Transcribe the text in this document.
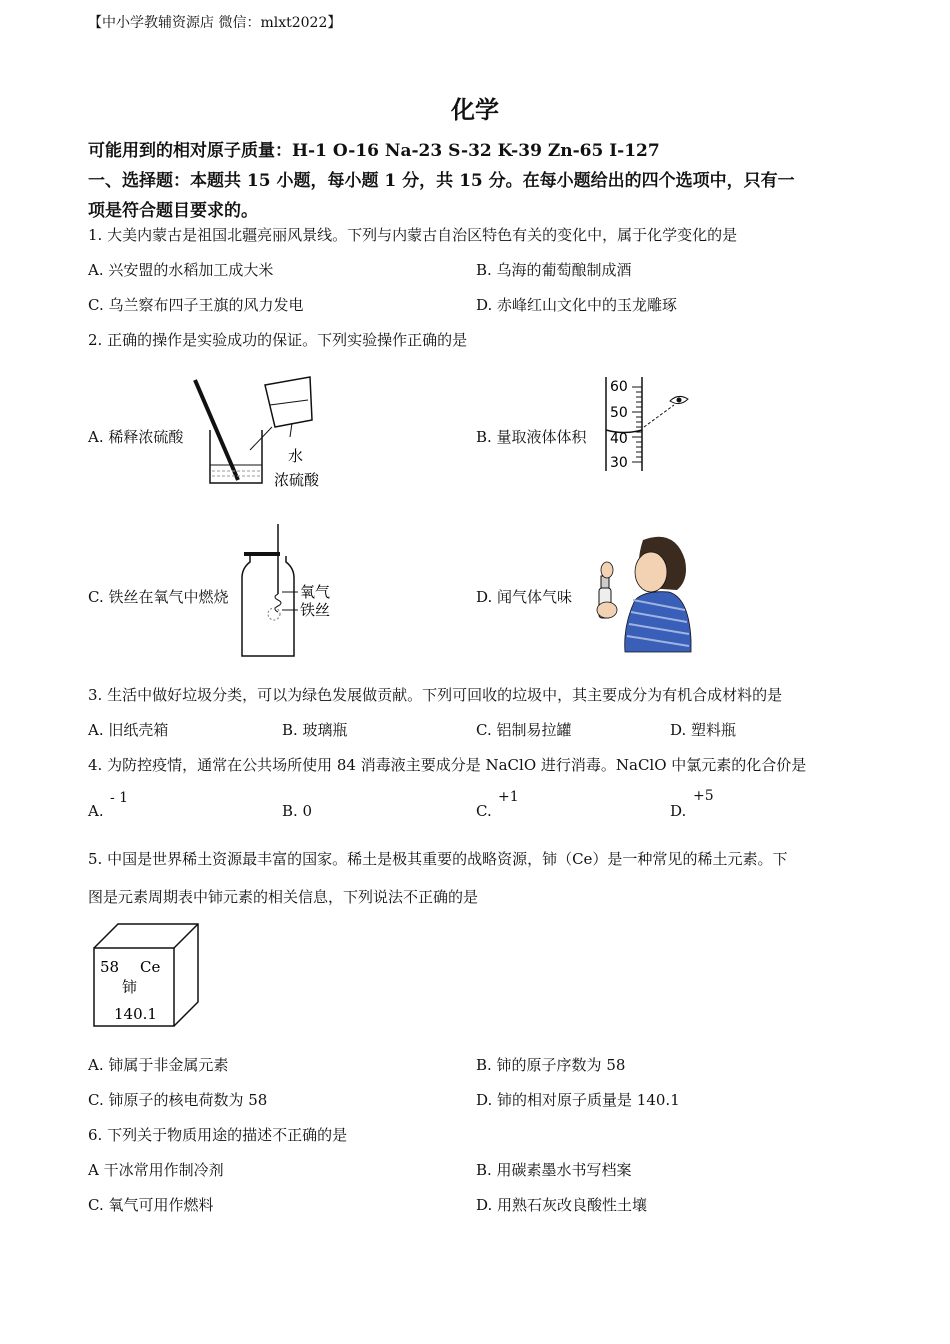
【中小学教辅资源店 微信：mlxt2022】
化学
可能用到的相对原子质量：H-1 O-16 Na-23 S-32 K-39 Zn-65 I-127
一、选择题：本题共 15 小题，每小题 1 分，共 15 分。在每小题给出的四个选项中，只有一
项是符合题目要求的。
1. 大美内蒙古是祖国北疆亮丽风景线。下列与内蒙古自治区特色有关的变化中，属于化学变化的是
A. 兴安盟的水稻加工成大米	B. 乌海的葡萄酿制成酒
C. 乌兰察布四子王旗的风力发电	D. 赤峰红山文化中的玉龙雕琢
2. 正确的操作是实验成功的保证。下列实验操作正确的是
A. 稀释浓硫酸	B. 量取液体体积
C. 铁丝在氧气中燃烧	D. 闻气体气味
水
浓硫酸
60
50
40
30
氧气
铁丝
3. 生活中做好垃圾分类，可以为绿色发展做贡献。下列可回收的垃圾中，其主要成分为有机合成材料的是
A. 旧纸壳箱	B. 玻璃瓶	C. 铝制易拉罐	D. 塑料瓶
4. 为防控疫情，通常在公共场所使用 84 消毒液主要成分是 NaClO 进行消毒。NaClO 中氯元素的化合价是
A.
- 1
B. 0	C.
+1
D.
+5
5. 中国是世界稀土资源最丰富的国家。稀土是极其重要的战略资源，铈（Ce）是一种常见的稀土元素。下
图是元素周期表中铈元素的相关信息，下列说法不正确的是
58 Ce
铈
140.1
A. 铈属于非金属元素	B. 铈的原子序数为 58
C. 铈原子的核电荷数为 58	D. 铈的相对原子质量是 140.1
6. 下列关于物质用途的描述不正确的是
A 干冰常用作制冷剂	B. 用碳素墨水书写档案
C. 氧气可用作燃料	D. 用熟石灰改良酸性土壤
